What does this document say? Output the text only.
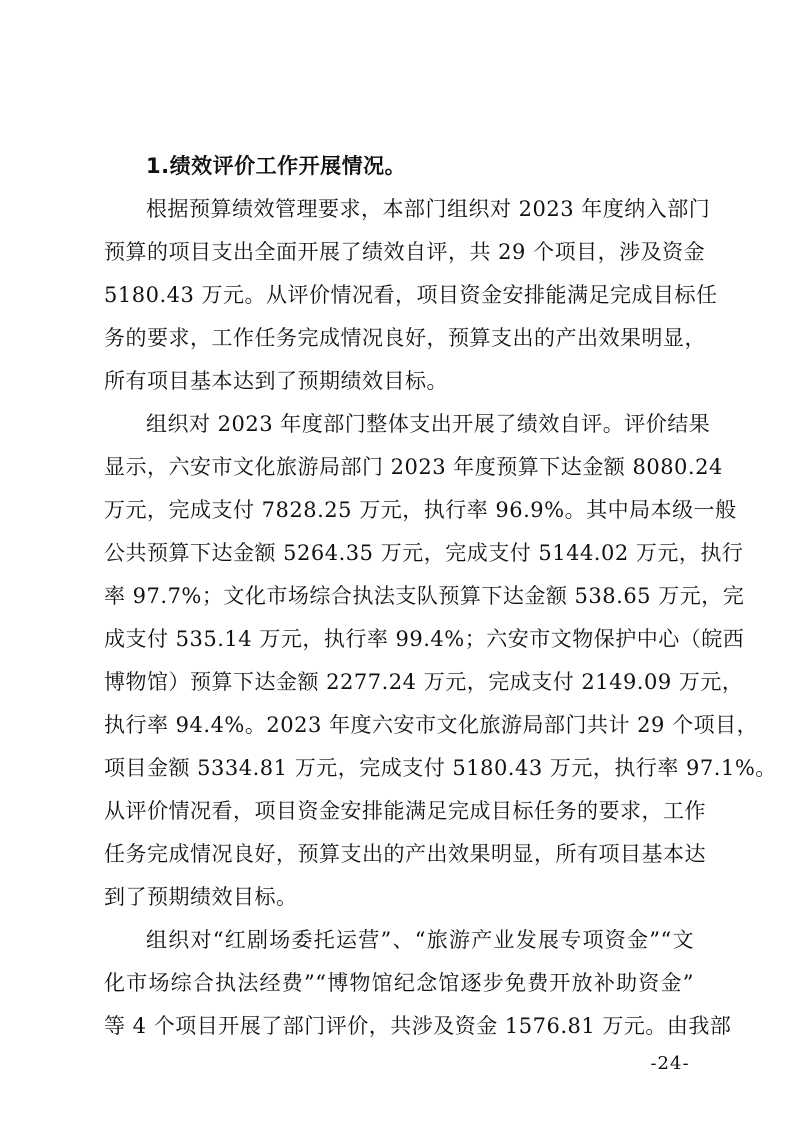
1.绩效评价工作开展情况。
根据预算绩效管理要求，本部门组织对 2023 年度纳入部门
预算的项目支出全面开展了绩效自评，共 29 个项目，涉及资金
5180.43 万元。从评价情况看，项目资金安排能满足完成目标任
务的要求，工作任务完成情况良好，预算支出的产出效果明显，
所有项目基本达到了预期绩效目标。
组织对 2023 年度部门整体支出开展了绩效自评。评价结果
显示，六安市文化旅游局部门 2023 年度预算下达金额 8080.24
万元，完成支付 7828.25 万元，执行率 96.9%。其中局本级一般
公共预算下达金额 5264.35 万元，完成支付 5144.02 万元，执行
率 97.7%；文化市场综合执法支队预算下达金额 538.65 万元，完
成支付 535.14 万元，执行率 99.4%；六安市文物保护中心（皖西
博物馆）预算下达金额 2277.24 万元，完成支付 2149.09 万元，
执行率 94.4%。2023 年度六安市文化旅游局部门共计 29 个项目，
项目金额 5334.81 万元，完成支付 5180.43 万元，执行率 97.1%。
从评价情况看，项目资金安排能满足完成目标任务的要求，工作
任务完成情况良好，预算支出的产出效果明显，所有项目基本达
到了预期绩效目标。
组织对“红剧场委托运营”、“旅游产业发展专项资金”“文
化市场综合执法经费”“博物馆纪念馆逐步免费开放补助资金”
等 4 个项目开展了部门评价，共涉及资金 1576.81 万元。由我部
-24-
